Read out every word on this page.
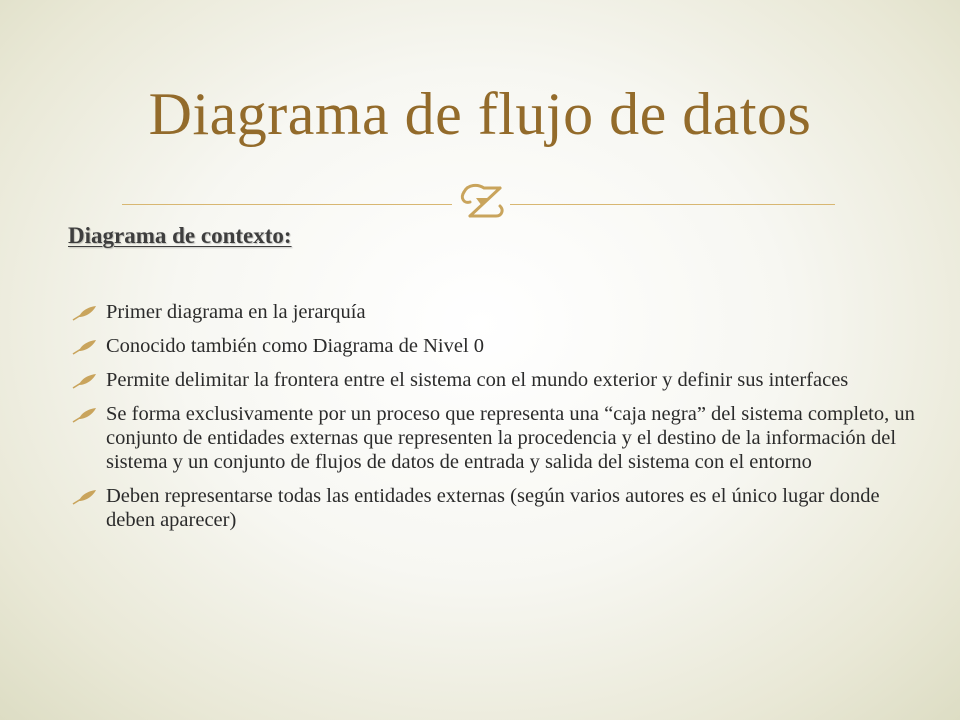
Diagrama de flujo de datos
Diagrama de contexto:
Primer diagrama en la jerarquía
Conocido también como Diagrama de Nivel 0
Permite delimitar la frontera entre el sistema con el mundo exterior y definir sus interfaces
Se forma exclusivamente por un proceso que representa una “caja negra” del sistema completo, un conjunto de entidades externas que representen la procedencia y el destino de la información del sistema y un conjunto de flujos de datos de entrada y salida del sistema con el entorno
Deben representarse todas las entidades externas (según varios autores es el único lugar donde deben aparecer)
